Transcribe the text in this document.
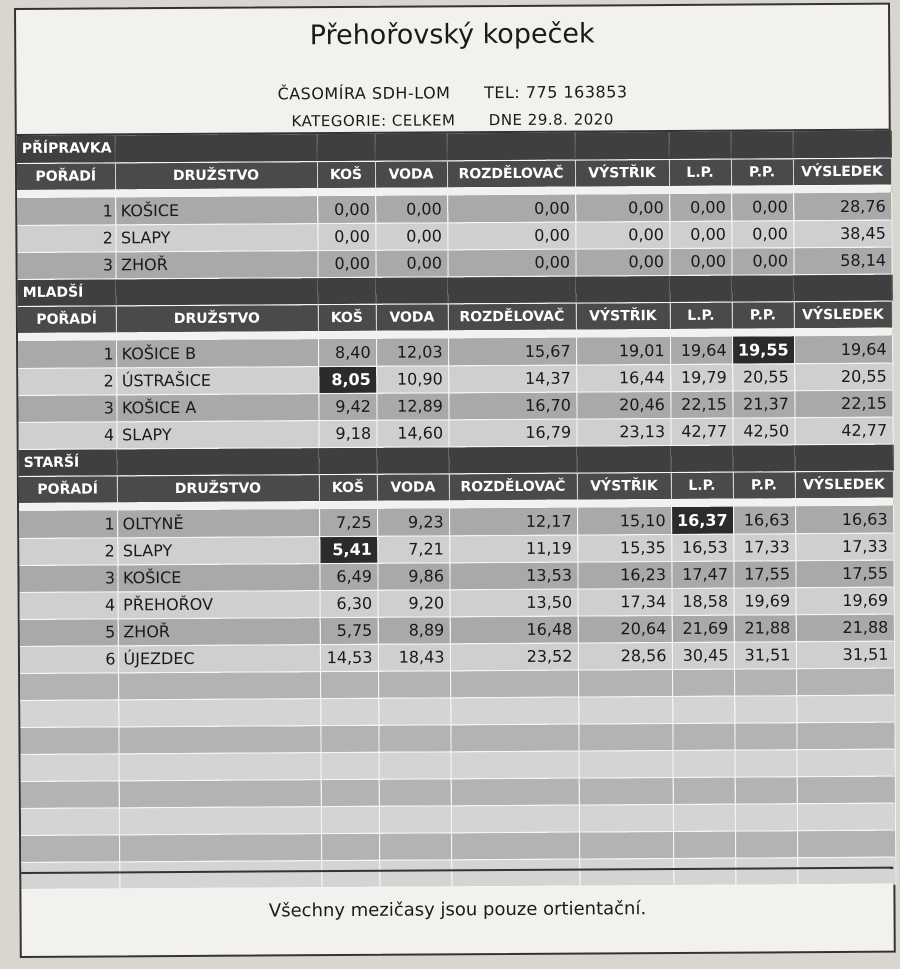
Přehořovský kopeček
ČASOMÍRA SDH-LOM TEL: 775 163853
KATEGORIE: CELKEM DNE 29.8. 2020
PŘÍPRAVKA								
POŘADÍ	DRUŽSTVO	KOŠ	VODA	ROZDĚLOVAČ	VÝSTŘIK	L.P.	P.P.	VÝSLEDEK

1	KOŠICE	0,00	0,00	0,00	0,00	0,00	0,00	28,76
2	SLAPY	0,00	0,00	0,00	0,00	0,00	0,00	38,45
3	ZHOŘ	0,00	0,00	0,00	0,00	0,00	0,00	58,14
MLADŠÍ								
POŘADÍ	DRUŽSTVO	KOŠ	VODA	ROZDĚLOVAČ	VÝSTŘIK	L.P.	P.P.	VÝSLEDEK

1	KOŠICE B	8,40	12,03	15,67	19,01	19,64	19,55	19,64
2	ÚSTRAŠICE	8,05	10,90	14,37	16,44	19,79	20,55	20,55
3	KOŠICE A	9,42	12,89	16,70	20,46	22,15	21,37	22,15
4	SLAPY	9,18	14,60	16,79	23,13	42,77	42,50	42,77
STARŠÍ								
POŘADÍ	DRUŽSTVO	KOŠ	VODA	ROZDĚLOVAČ	VÝSTŘIK	L.P.	P.P.	VÝSLEDEK

1	OLTYNĚ	7,25	9,23	12,17	15,10	16,37	16,63	16,63
2	SLAPY	5,41	7,21	11,19	15,35	16,53	17,33	17,33
3	KOŠICE	6,49	9,86	13,53	16,23	17,47	17,55	17,55
4	PŘEHOŘOV	6,30	9,20	13,50	17,34	18,58	19,69	19,69
5	ZHOŘ	5,75	8,89	16,48	20,64	21,69	21,88	21,88
6	ÚJEZDEC	14,53	18,43	23,52	28,56	30,45	31,51	31,51

Všechny mezičasy jsou pouze ortientační.
